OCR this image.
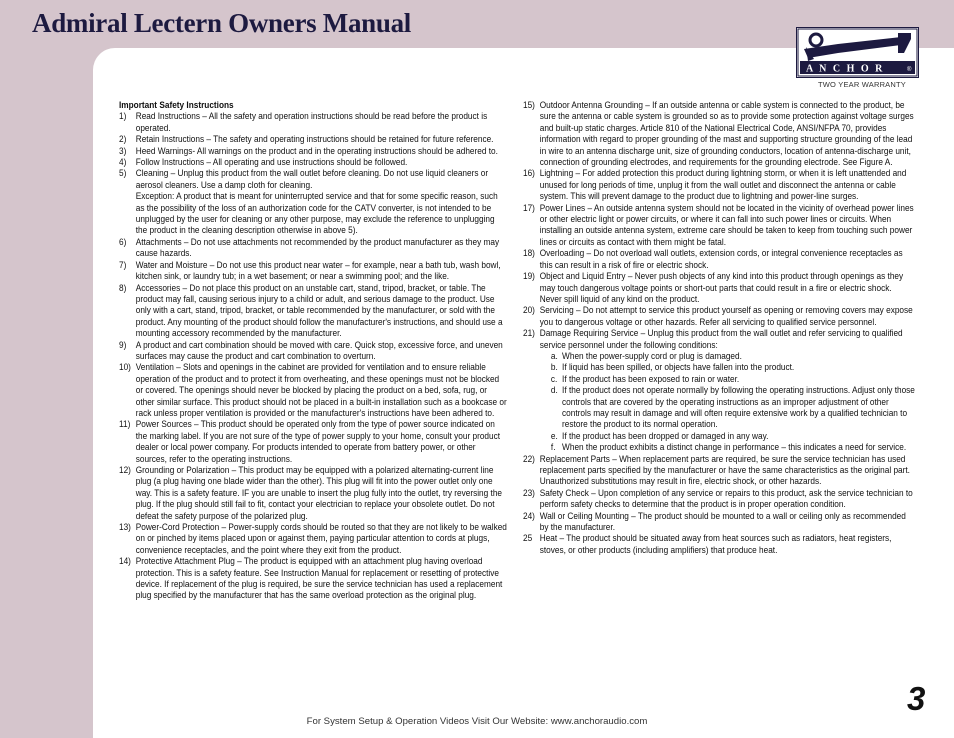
Admiral Lectern Owners Manual
A N C H O R	®
TWO YEAR WARRANTY
Important Safety Instructions
1) Read Instructions – All the safety and operation instructions should be read before the product is operated.
2) Retain Instructions – The safety and operating instructions should be retained for future reference.
3) Heed Warnings- All warnings on the product and in the operating instructions should be adhered to.
4) Follow Instructions – All operating and use instructions should be followed.
5) Cleaning – Unplug this product from the wall outlet before cleaning. Do not use liquid cleaners or aerosol cleaners. Use a damp cloth for cleaning.
Exception: A product that is meant for uninterrupted service and that for some specific reason, such as the possibility of the loss of an authorization code for the CATV converter, is not intended to be unplugged by the user for cleaning or any other purpose, may exclude the reference to unplugging the product in the cleaning description otherwise in above 5).
6) Attachments – Do not use attachments not recommended by the product manufacturer as they may cause hazards.
7) Water and Moisture – Do not use this product near water – for example, near a bath tub, wash bowl, kitchen sink, or laundry tub; in a wet basement; or near a swimming pool; and the like.
8) Accessories – Do not place this product on an unstable cart, stand, tripod, bracket, or table. The product may fall, causing serious injury to a child or adult, and serious damage to the product. Use only with a cart, stand, tripod, bracket, or table recommended by the manufacturer, or sold with the product. Any mounting of the product should follow the manufacturer's instructions, and should use a mounting accessory recommended by the manufacturer.
9) A product and cart combination should be moved with care. Quick stop, excessive force, and uneven surfaces may cause the product and cart combination to overturn.
10) Ventilation – Slots and openings in the cabinet are provided for ventilation and to ensure reliable operation of the product and to protect it from overheating, and these openings must not be blocked or covered. The openings should never be blocked by placing the product on a bed, sofa, rug, or other similar surface. This product should not be placed in a built-in installation such as a bookcase or rack unless proper ventilation is provided or the manufacturer's instructions have been adhered to.
11) Power Sources – This product should be operated only from the type of power source indicated on the marking label. If you are not sure of the type of power supply to your home, consult your product dealer or local power company. For products intended to operate from battery power, or other sources, refer to the operating instructions.
12) Grounding or Polarization – This product may be equipped with a polarized alternating-current line plug (a plug having one blade wider than the other). This plug will fit into the power outlet only one way. This is a safety feature. IF you are unable to insert the plug fully into the outlet, try reversing the plug. If the plug should still fail to fit, contact your electrician to replace your obsolete outlet. Do not defeat the safety purpose of the polarized plug.
13) Power-Cord Protection – Power-supply cords should be routed so that they are not likely to be walked on or pinched by items placed upon or against them, paying particular attention to cords at plugs, convenience receptacles, and the point where they exit from the product.
14) Protective Attachment Plug – The product is equipped with an attachment plug having overload protection. This is a safety feature. See Instruction Manual for replacement or resetting of protective device. If replacement of the plug is required, be sure the service technician has used a replacement plug specified by the manufacturer that has the same overload protection as the original plug.
15) Outdoor Antenna Grounding – If an outside antenna or cable system is connected to the product, be sure the antenna or cable system is grounded so as to provide some protection against voltage surges and built-up static charges. Article 810 of the National Electrical Code, ANSI/NFPA 70, provides information with regard to proper grounding of the mast and supporting structure grounding of the lead in wire to an antenna discharge unit, size of grounding conductors, location of antenna-discharge unit, connection of grounding electrodes, and requirements for the grounding electrode. See Figure A.
16) Lightning – For added protection this product during lightning storm, or when it is left unattended and unused for long periods of time, unplug it from the wall outlet and disconnect the antenna or cable system. This will prevent damage to the product due to lightning and power-line surges.
17) Power Lines – An outside antenna system should not be located in the vicinity of overhead power lines or other electric light or power circuits, or where it can fall into such power lines or circuits. When installing an outside antenna system, extreme care should be taken to keep from touching such power lines or circuits as contact with them might be fatal.
18) Overloading – Do not overload wall outlets, extension cords, or integral convenience receptacles as this can result in a risk of fire or electric shock.
19) Object and Liquid Entry – Never push objects of any kind into this product through openings as they may touch dangerous voltage points or short-out parts that could result in a fire or electric shock. Never spill liquid of any kind on the product.
20) Servicing – Do not attempt to service this product yourself as opening or removing covers may expose you to dangerous voltage or other hazards. Refer all servicing to qualified service personnel.
21) Damage Requiring Service – Unplug this product from the wall outlet and refer servicing to qualified service personnel under the following conditions:
a. When the power-supply cord or plug is damaged.
b. If liquid has been spilled, or objects have fallen into the product.
c. If the product has been exposed to rain or water.
d. If the product does not operate normally by following the operating instructions. Adjust only those controls that are covered by the operating instructions as an improper adjustment of other controls may result in damage and will often require extensive work by a qualified technician to restore the product to its normal operation.
e. If the product has been dropped or damaged in any way.
f. When the product exhibits a distinct change in performance – this indicates a need for service.
22) Replacement Parts – When replacement parts are required, be sure the service technician has used replacement parts specified by the manufacturer or have the same characteristics as the original part. Unauthorized substitutions may result in fire, electric shock, or other hazards.
23) Safety Check – Upon completion of any service or repairs to this product, ask the service technician to perform safety checks to determine that the product is in proper operation condition.
24) Wall or Ceiling Mounting – The product should be mounted to a wall or ceiling only as recommended by the manufacturer.
25 Heat – The product should be situated away from heat sources such as radiators, heat registers, stoves, or other products (including amplifiers) that produce heat.
3
For System Setup & Operation Videos Visit Our Website: www.anchoraudio.com
